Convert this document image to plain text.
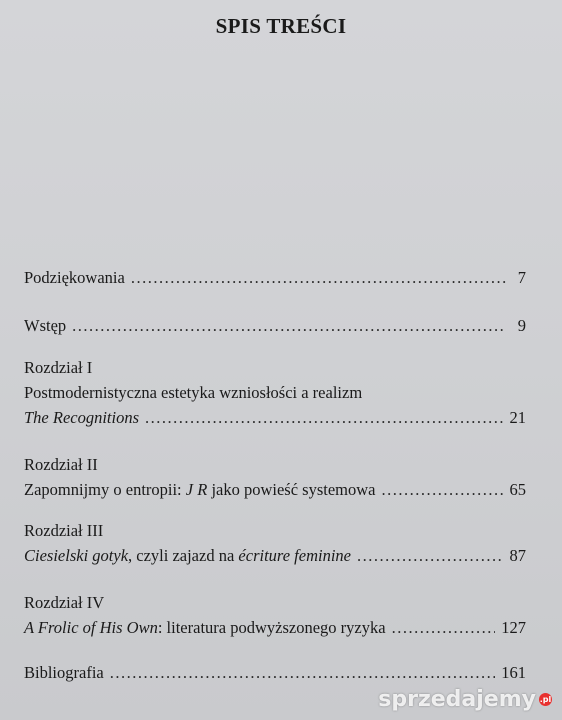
SPIS TREŚCI
Podziękowania .....	7
Wstęp .....	9
Rozdział I
Postmodernistyczna estetyka wzniosłości a realizm
The Recognitions .....	21
Rozdział II
Zapomnijmy o entropii: J R jako powieść systemowa .....	65
Rozdział III
Ciesielski gotyk, czyli zajazd na écriture feminine .....	87
Rozdział IV
A Frolic of His Own: literatura podwyższonego ryzyka .....	127
Bibliografia .....	161
sprzedajemy .pl
